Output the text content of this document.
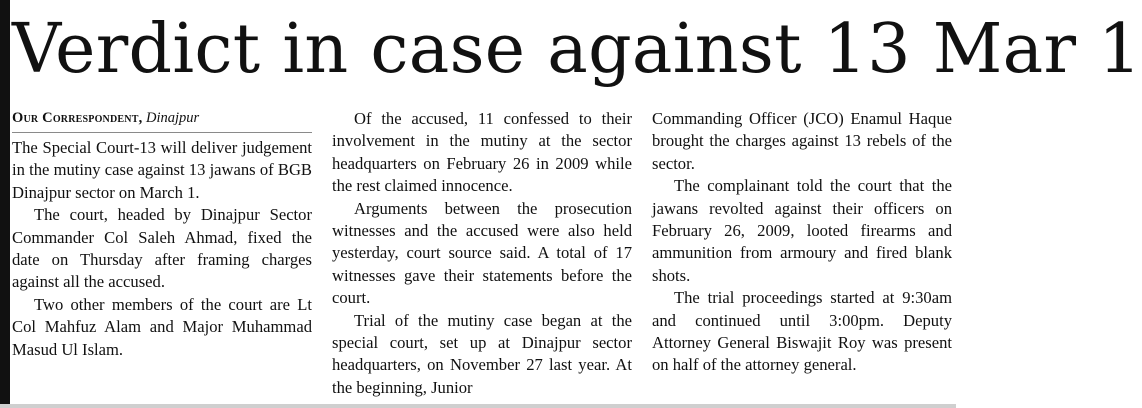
Verdict in case against 13 Mar 1
Our Correspondent, Dinajpur

The Special Court-13 will deliver judgement in the mutiny case against 13 jawans of BGB Dinajpur sector on March 1.

The court, headed by Dinajpur Sector Commander Col Saleh Ahmad, fixed the date on Thursday after framing charges against all the accused.

Two other members of the court are Lt Col Mahfuz Alam and Major Muhammad Masud Ul Islam.

Of the accused, 11 confessed to their involvement in the mutiny at the sector headquarters on February 26 in 2009 while the rest claimed innocence.

Arguments between the prosecution witnesses and the accused were also held yesterday, court source said. A total of 17 witnesses gave their statements before the court.

Trial of the mutiny case began at the special court, set up at Dinajpur sector headquarters, on November 27 last year. At the beginning, Junior

Commanding Officer (JCO) Enamul Haque brought the charges against 13 rebels of the sector.

The complainant told the court that the jawans revolted against their officers on February 26, 2009, looted firearms and ammunition from armoury and fired blank shots.

The trial proceedings started at 9:30am and continued until 3:00pm. Deputy Attorney General Biswajit Roy was present on half of the attorney general.
